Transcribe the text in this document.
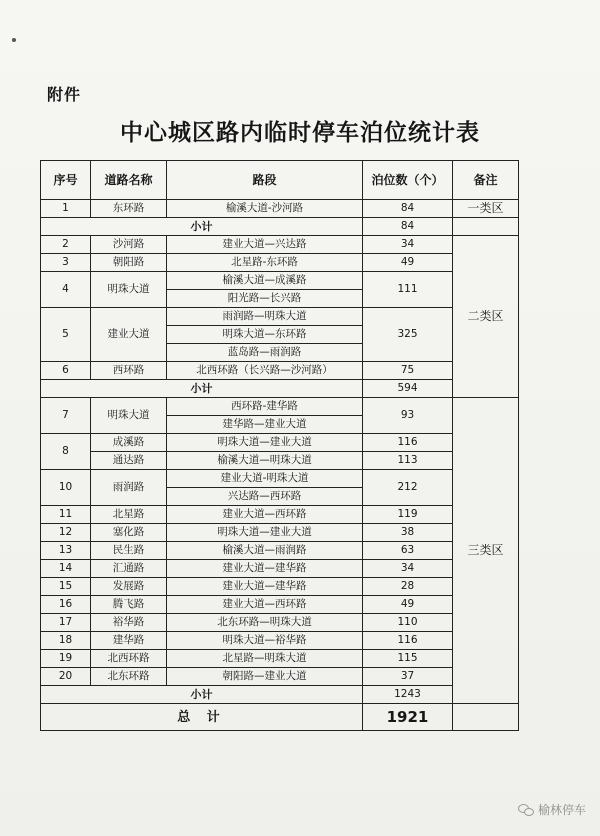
附件
中心城区路内临时停车泊位统计表
序号	道路名称	路段	泊位数（个）	备注
1	东环路	榆溪大道-沙河路	84	一类区
小计			84	
2	沙河路	建业大道—兴达路	34	二类区
3	朝阳路	北星路-东环路	49	
4	明珠大道	榆溪大道—成溪路	111	
		阳光路—长兴路		
5	建业大道	雨润路—明珠大道	325	
		明珠大道—东环路		
		蓝岛路—雨润路		
6	西环路	北西环路（长兴路—沙河路）	75	
小计			594	
7	明珠大道	西环路-建华路	93	三类区
		建华路—建业大道		
8	成溪路	明珠大道—建业大道	116	
	通达路	榆溪大道—明珠大道	113	
10	雨润路	建业大道-明珠大道	212	
		兴达路—西环路		
11	北星路	建业大道—西环路	119	
12	塞化路	明珠大道—建业大道	38	
13	民生路	榆溪大道—雨润路	63	
14	汇通路	建业大道—建华路	34	
15	发展路	建业大道—建华路	28	
16	腾飞路	建业大道—西环路	49	
17	裕华路	北东环路—明珠大道	110	
18	建华路	明珠大道—裕华路	116	
19	北西环路	北星路—明珠大道	115	
20	北东环路	朝阳路—建业大道	37	
小计			1243	
总 计			1921	
榆林停车
